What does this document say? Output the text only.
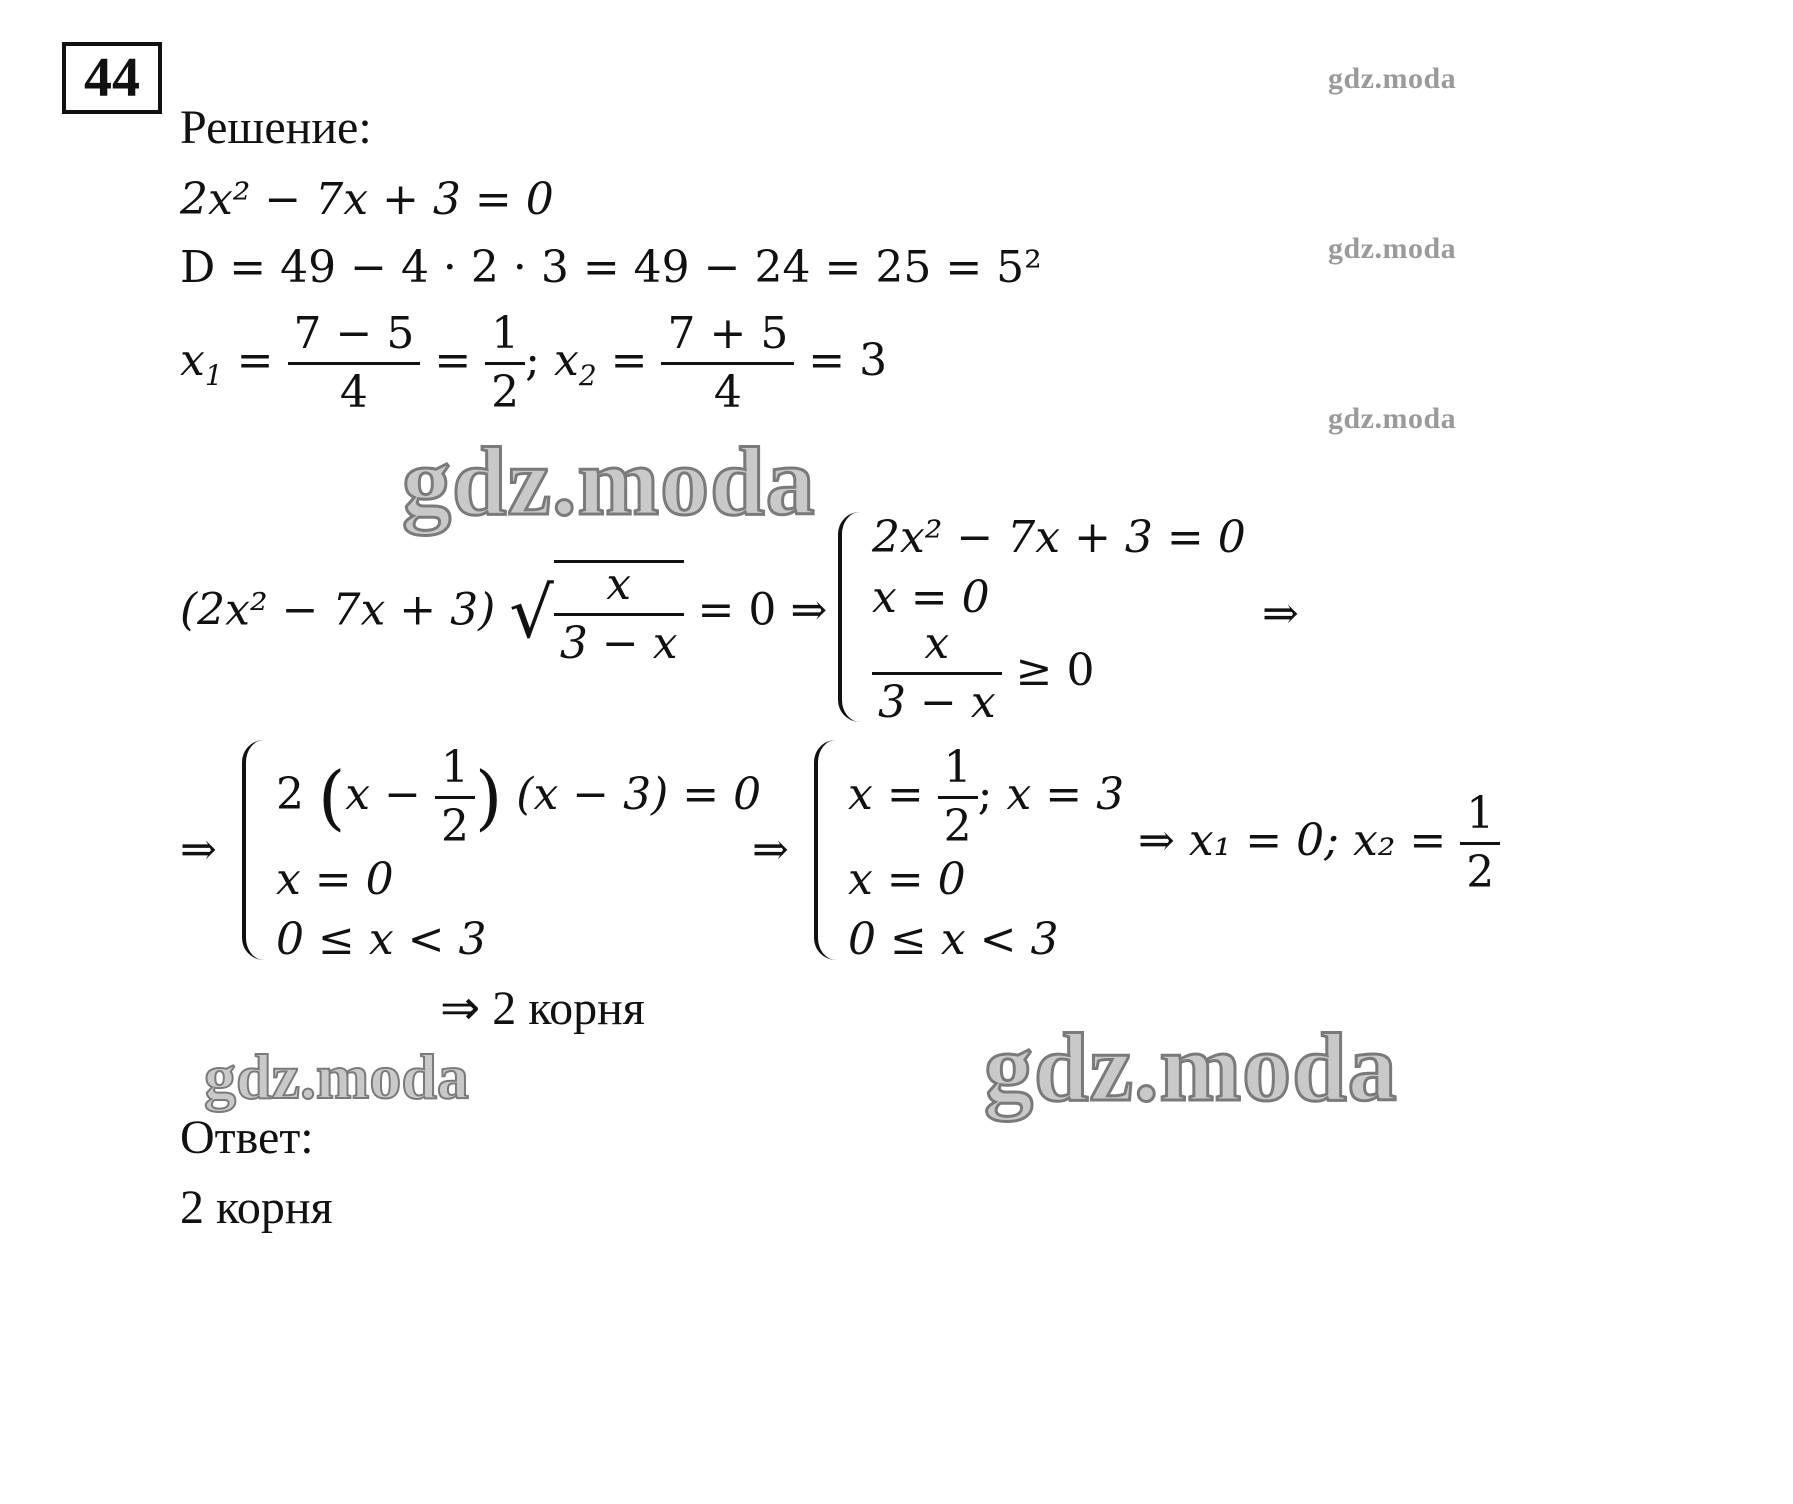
44	gdz.moda
gdz.moda
gdz.moda
Решение:
2x² − 7x + 3 = 0
D = 49 − 4 · 2 · 3 = 49 − 24 = 25 = 5²
$x_1 = \frac{7 - 5}{4} = \frac{1}{2}$ ; $x_2 = \frac{7 + 5}{4} = 3$
gdz.moda
(2x² − 7x + 3) √ $\frac{x}{3 - x} = 0$ ⇒
2x² − 7x + 3 = 0
x = 0
$\frac{x}{3 - x} \ge 0$
⇒
⇒
2 ($x - \frac{1}{2}$ ) (x − 3) = 0
x = 0
0 ≤ x < 3
⇒
$x = \frac{1}{2}$ ; x = 3
x = 0
0 ≤ x < 3
⇒ x₁ = 0; $x_2 = \frac{1}{2}$
⇒ 2 корня
gdz.moda	gdz.moda
Ответ:
2 корня
